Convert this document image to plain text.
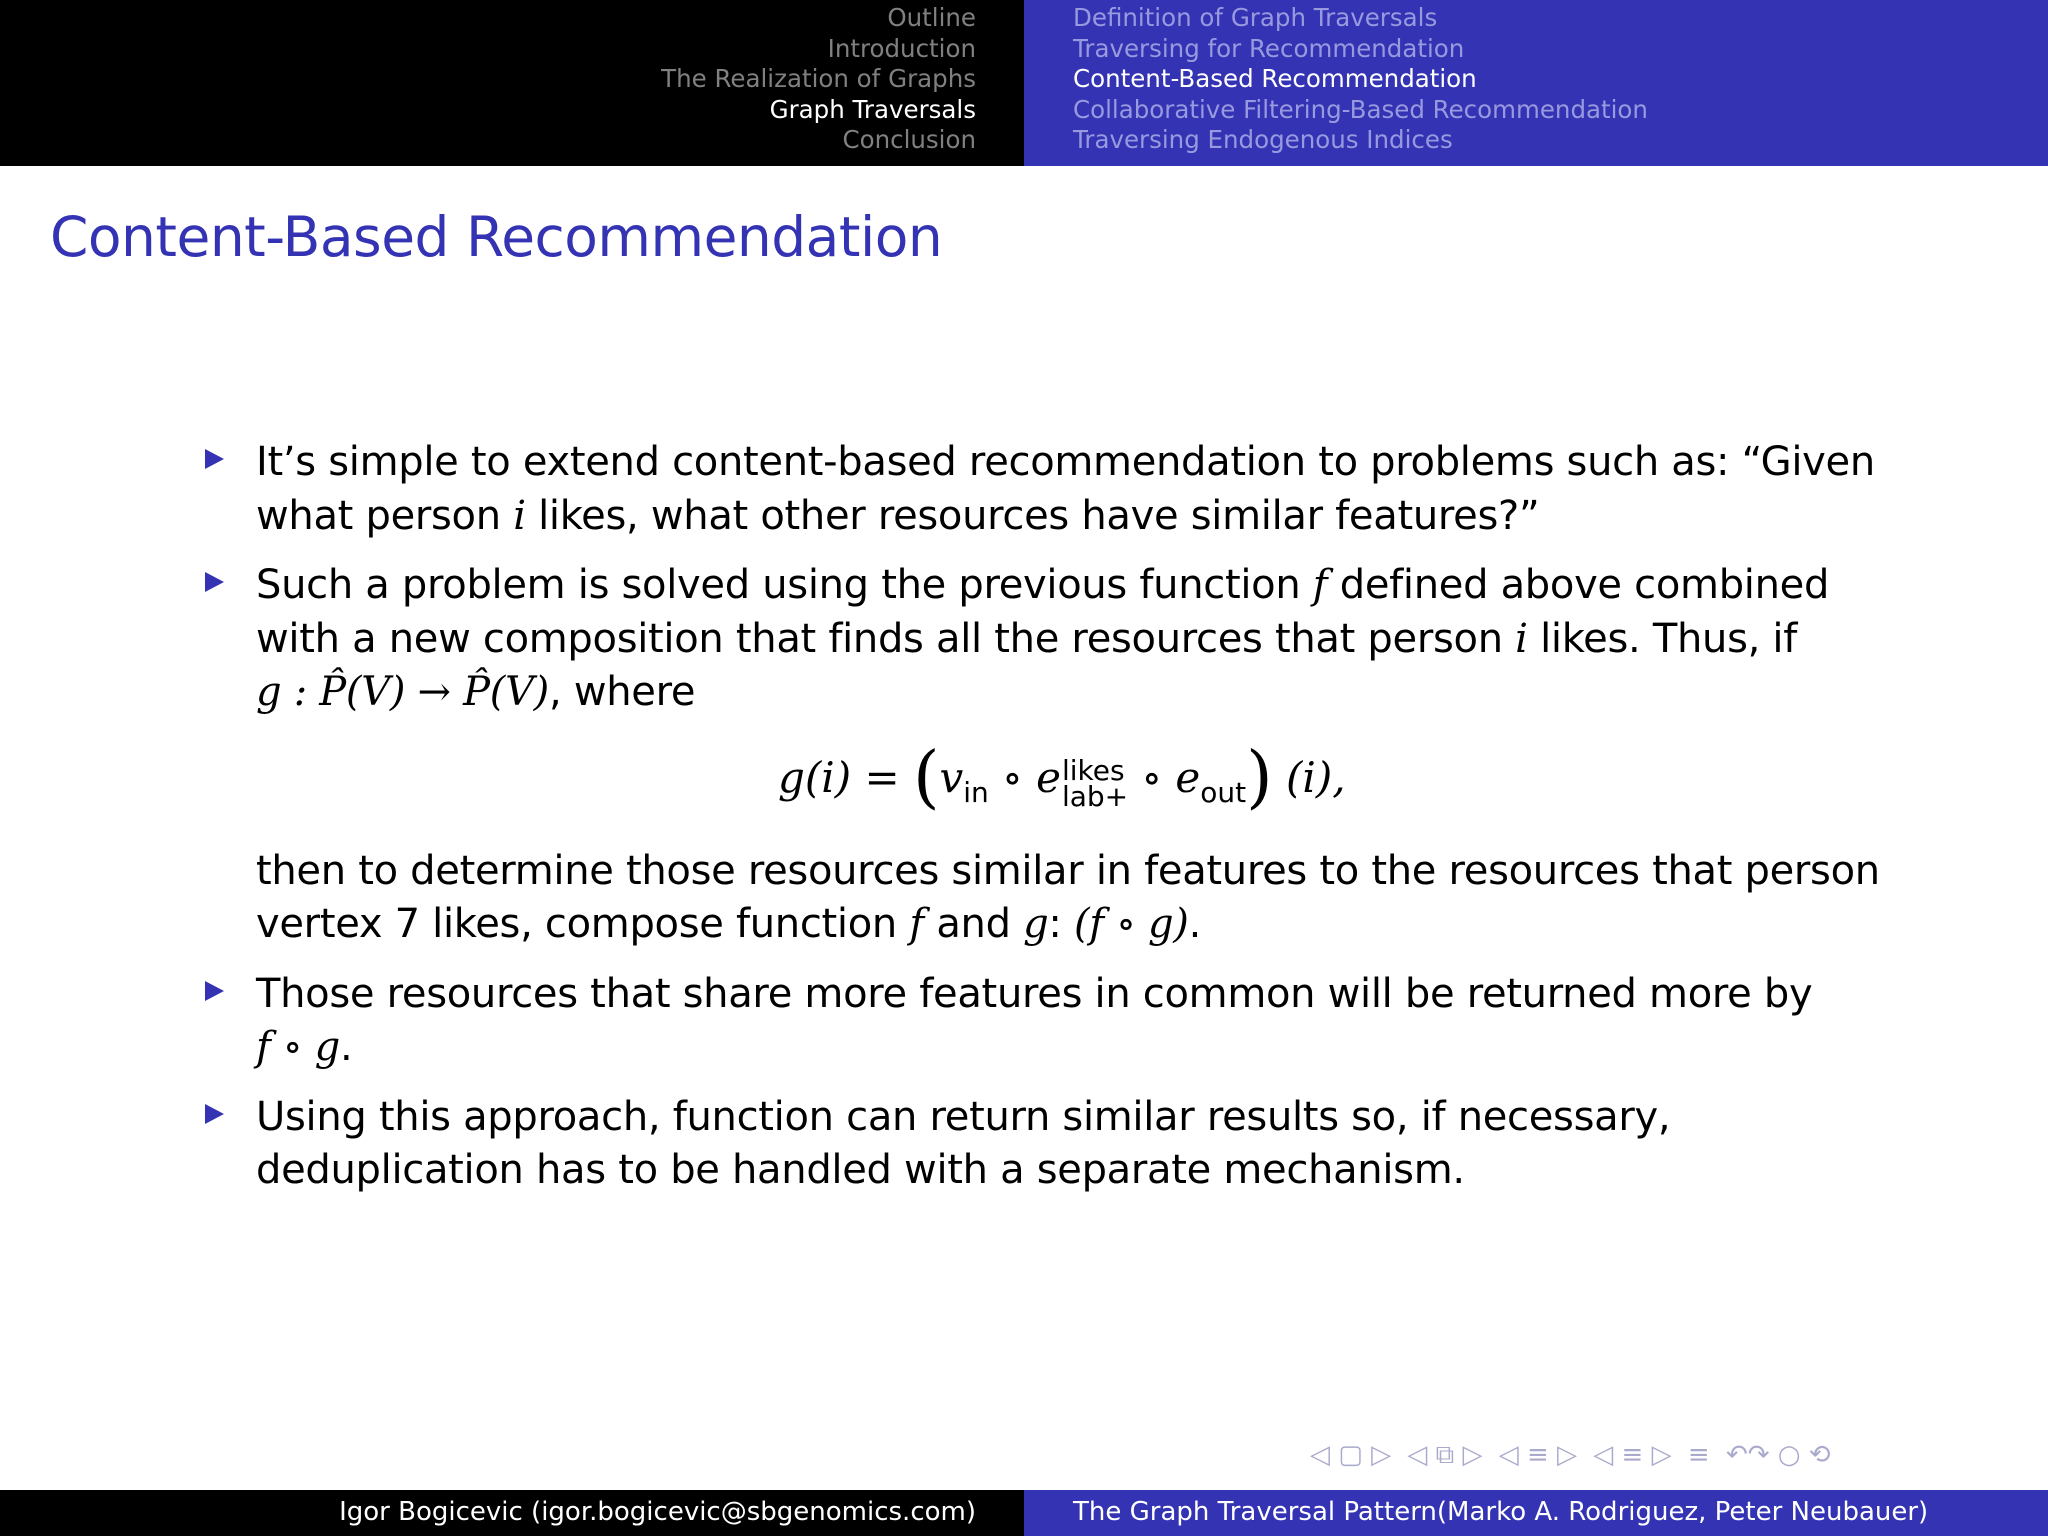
Outline
Introduction
The Realization of Graphs
Graph Traversals
Conclusion
Definition of Graph Traversals
Traversing for Recommendation
Content-Based Recommendation
Collaborative Filtering-Based Recommendation
Traversing Endogenous Indices
Content-Based Recommendation
It’s simple to extend content-based recommendation to problems such as: “Given
what person i likes, what other resources have similar features?”
Such a problem is solved using the previous function f defined above combined
with a new composition that finds all the resources that person i likes. Thus, if
g : P̂(V) → P̂(V), where
$g(i) = (v_{in}$ ∘ e likes
lab+ ∘ $e_{out}$) (i),
then to determine those resources similar in features to the resources that person
vertex 7 likes, compose function f and g: (f ∘ g).
Those resources that share more features in common will be returned more by
f ∘ g.
Using this approach, function can return similar results so, if necessary,
deduplication has to be handled with a separate mechanism.
◁ ▢ ▷ ◁ ⧉ ▷ ◁ ≡ ▷ ◁ ≡ ▷ ≡ ↶↷ ○ ⟲
Igor Bogicevic (igor.bogicevic@sbgenomics.com)	The Graph Traversal Pattern(Marko A. Rodriguez, Peter Neubauer)
